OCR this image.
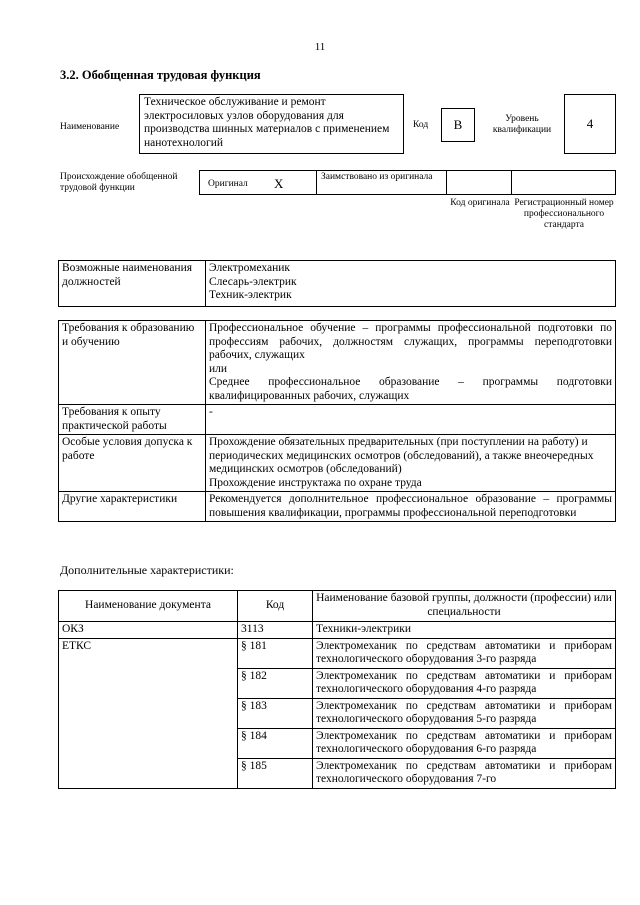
11
3.2. Обобщенная трудовая функция
Наименование
Техническое обслуживание и ремонт электросиловых узлов оборудования для производства шинных материалов с применением нанотехнологий
Код	В	Уровень квалификации	4
Происхождение обобщенной трудовой функции	Оригинал X	Заимствовано из оригинала
Код оригинала Регистрационный номер профессионального стандарта
Возможные наименования должностей	
Электромеханик
Слесарь-электрик
Техник-электрик
Требования к образованию и обучению	Профессиональное обучение – программы профессиональной подготовки по профессиям рабочих, должностям служащих, программы переподготовки рабочих, служащих
или
Среднее профессиональное образование – программы подготовки квалифицированных рабочих, служащих

Требования к опыту практической работы	-

Особые условия допуска к работе	Прохождение обязательных предварительных (при поступлении на работу) и периодических медицинских осмотров (обследований), а также внеочередных медицинских осмотров (обследований)
Прохождение инструктажа по охране труда

Другие характеристики	Рекомендуется дополнительное профессиональное образование – программы повышения квалификации, программы профессиональной переподготовки
Дополнительные характеристики:
Наименование документа	Код	Наименование базовой группы, должности (профессии) или специальности
ОКЗ	3113	Техники-электрики
ЕТКС	§ 181	Электромеханик по средствам автоматики и приборам технологического оборудования 3-го разряда
	§ 182	Электромеханик по средствам автоматики и приборам технологического оборудования 4-го разряда
	§ 183	Электромеханик по средствам автоматики и приборам технологического оборудования 5-го разряда
	§ 184	Электромеханик по средствам автоматики и приборам технологического оборудования 6-го разряда
	§ 185	Электромеханик по средствам автоматики и приборам технологического оборудования 7-го
